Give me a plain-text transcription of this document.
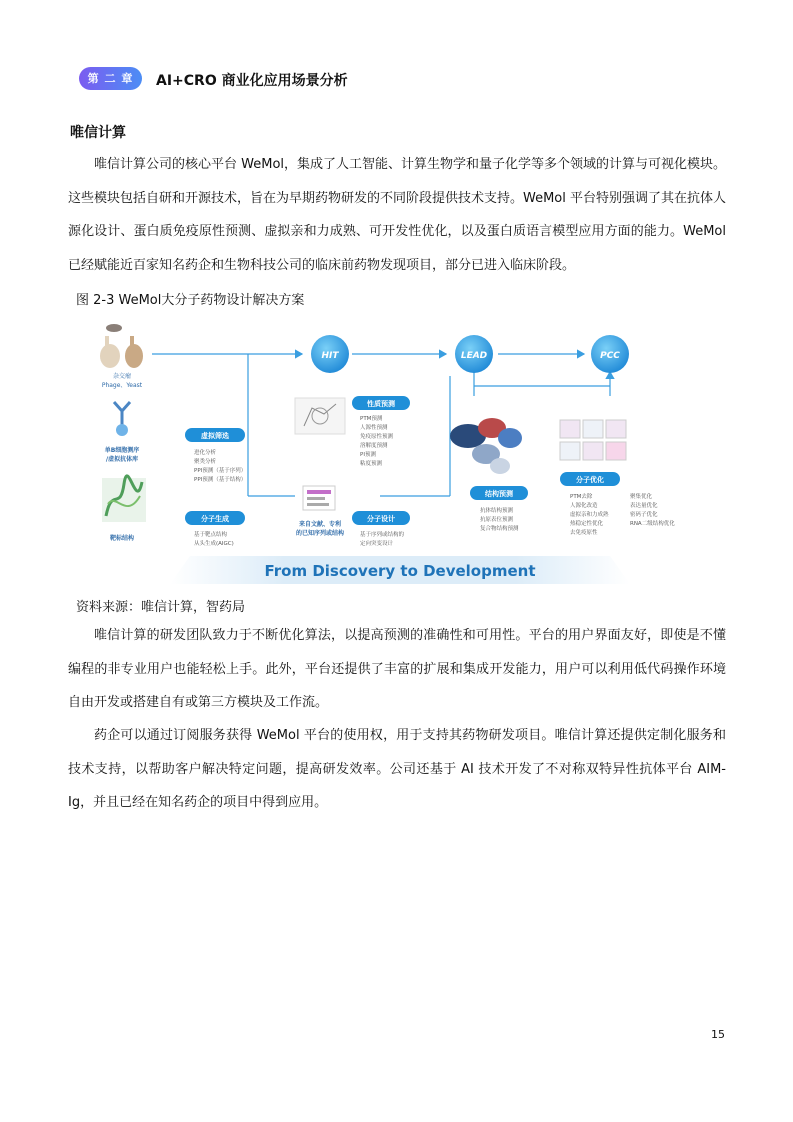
第 二 章	AI+CRO 商业化应用场景分析
唯信计算
唯信计算公司的核心平台 WeMol，集成了人工智能、计算生物学和量子化学等多个领域的计算与可视化模块。这些模块包括自研和开源技术，旨在为早期药物研发的不同阶段提供技术支持。WeMol 平台特别强调了其在抗体人源化设计、蛋白质免疫原性预测、虚拟亲和力成熟、可开发性优化，以及蛋白质语言模型应用方面的能力。WeMol 已经赋能近百家知名药企和生物科技公司的临床前药物发现项目，部分已进入临床阶段。
图 2-3 WeMol大分子药物设计解决方案
HIT	LEAD	PCC
杂交瘤
Phage、Yeast
单B细胞测序
/虚拟抗体库
靶标结构
虚拟筛选
进化分析
聚类分析
PPI预测（基于序列）
PPI预测（基于结构）
分子生成
基于靶点结构
从头生成(AIGC)
性质预测
PTM预测
人源性预测
免疫原性预测
溶解度预测
PI预测
粘度预测
来自文献、专利
的已知序列或结构
分子设计
基于序列或结构的
定向突变设计
结构预测
抗体结构预测
抗原表位预测
复合物结构预测
分子优化
PTM去除
人源化改造
虚拟亲和力成熟
热稳定性优化
去免疫原性
聚集优化
表达量优化
密码子优化
RNA二级结构优化
From Discovery to Development
资料来源：唯信计算，智药局
唯信计算的研发团队致力于不断优化算法，以提高预测的准确性和可用性。平台的用户界面友好，即使是不懂编程的非专业用户也能轻松上手。此外，平台还提供了丰富的扩展和集成开发能力，用户可以利用低代码操作环境自由开发或搭建自有或第三方模块及工作流。
药企可以通过订阅服务获得 WeMol 平台的使用权，用于支持其药物研发项目。唯信计算还提供定制化服务和技术支持，以帮助客户解决特定问题，提高研发效率。公司还基于 AI 技术开发了不对称双特异性抗体平台 AIM-Ig，并且已经在知名药企的项目中得到应用。
15
